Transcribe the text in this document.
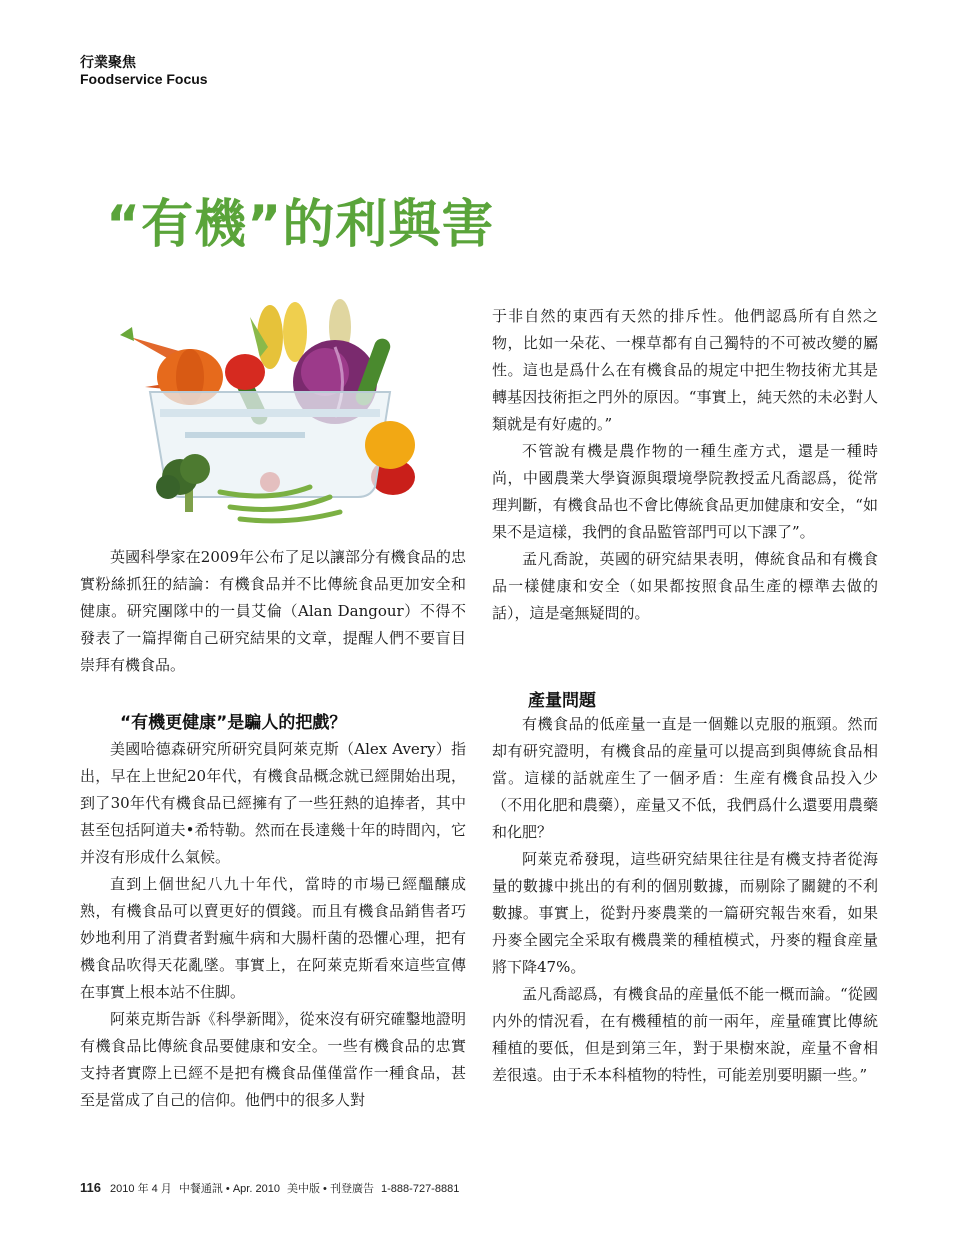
行業聚焦
Foodservice Focus
“有機”的利與害

英國科學家在2009年公布了足以讓部分有機食品的忠實粉絲抓狂的結論：有機食品并不比傳統食品更加安全和健康。研究團隊中的一員艾倫（Alan Dangour）不得不發表了一篇捍衛自己研究結果的文章，提醒人們不要盲目崇拜有機食品。

“有機更健康”是騙人的把戲？

美國哈德森研究所研究員阿萊克斯（Alex Avery）指出，早在上世紀20年代，有機食品概念就已經開始出現，到了30年代有機食品已經擁有了一些狂熱的追捧者，其中甚至包括阿道夫•希特勒。然而在長達幾十年的時間內，它并沒有形成什么氣候。

直到上個世紀八九十年代，當時的市場已經醞釀成熟，有機食品可以賣更好的價錢。而且有機食品銷售者巧妙地利用了消費者對瘋牛病和大腸杆菌的恐懼心理，把有機食品吹得天花亂墜。事實上，在阿萊克斯看來這些宣傳在事實上根本站不住脚。

阿萊克斯告訴《科學新聞》，從來沒有研究確鑿地證明有機食品比傳統食品要健康和安全。一些有機食品的忠實支持者實際上已經不是把有機食品僅僅當作一種食品，甚至是當成了自己的信仰。他們中的很多人對

于非自然的東西有天然的排斥性。他們認爲所有自然之物，比如一朵花、一棵草都有自己獨特的不可被改變的屬性。這也是爲什么在有機食品的規定中把生物技術尤其是轉基因技術拒之門外的原因。“事實上，純天然的未必對人類就是有好處的。”

不管說有機是農作物的一種生產方式，還是一種時尚，中國農業大學資源與環境學院教授孟凡喬認爲，從常理判斷，有機食品也不會比傳統食品更加健康和安全，“如果不是這樣，我們的食品監管部門可以下課了”。

孟凡喬說，英國的研究結果表明，傳統食品和有機食品一樣健康和安全（如果都按照食品生產的標準去做的話），這是毫無疑問的。

產量問題

有機食品的低産量一直是一個難以克服的瓶頸。然而却有研究證明，有機食品的産量可以提高到與傳統食品相當。這樣的話就産生了一個矛盾：生産有機食品投入少（不用化肥和農藥），産量又不低，我們爲什么還要用農藥和化肥？

阿萊克希發現，這些研究結果往往是有機支持者從海量的數據中挑出的有利的個別數據，而剔除了關鍵的不利數據。事實上，從對丹麥農業的一篇研究報告來看，如果丹麥全國完全采取有機農業的種植模式，丹麥的糧食産量將下降47%。

孟凡喬認爲，有機食品的産量低不能一概而論。“從國内外的情況看，在有機種植的前一兩年，産量確實比傳統種植的要低，但是到第三年，對于果樹來說，産量不會相差很遠。由于禾本科植物的特性，可能差別要明顯一些。”

116 2010 年 4 月 中餐通訊 • Apr. 2010 美中版 • 刊登廣告 1-888-727-8881
